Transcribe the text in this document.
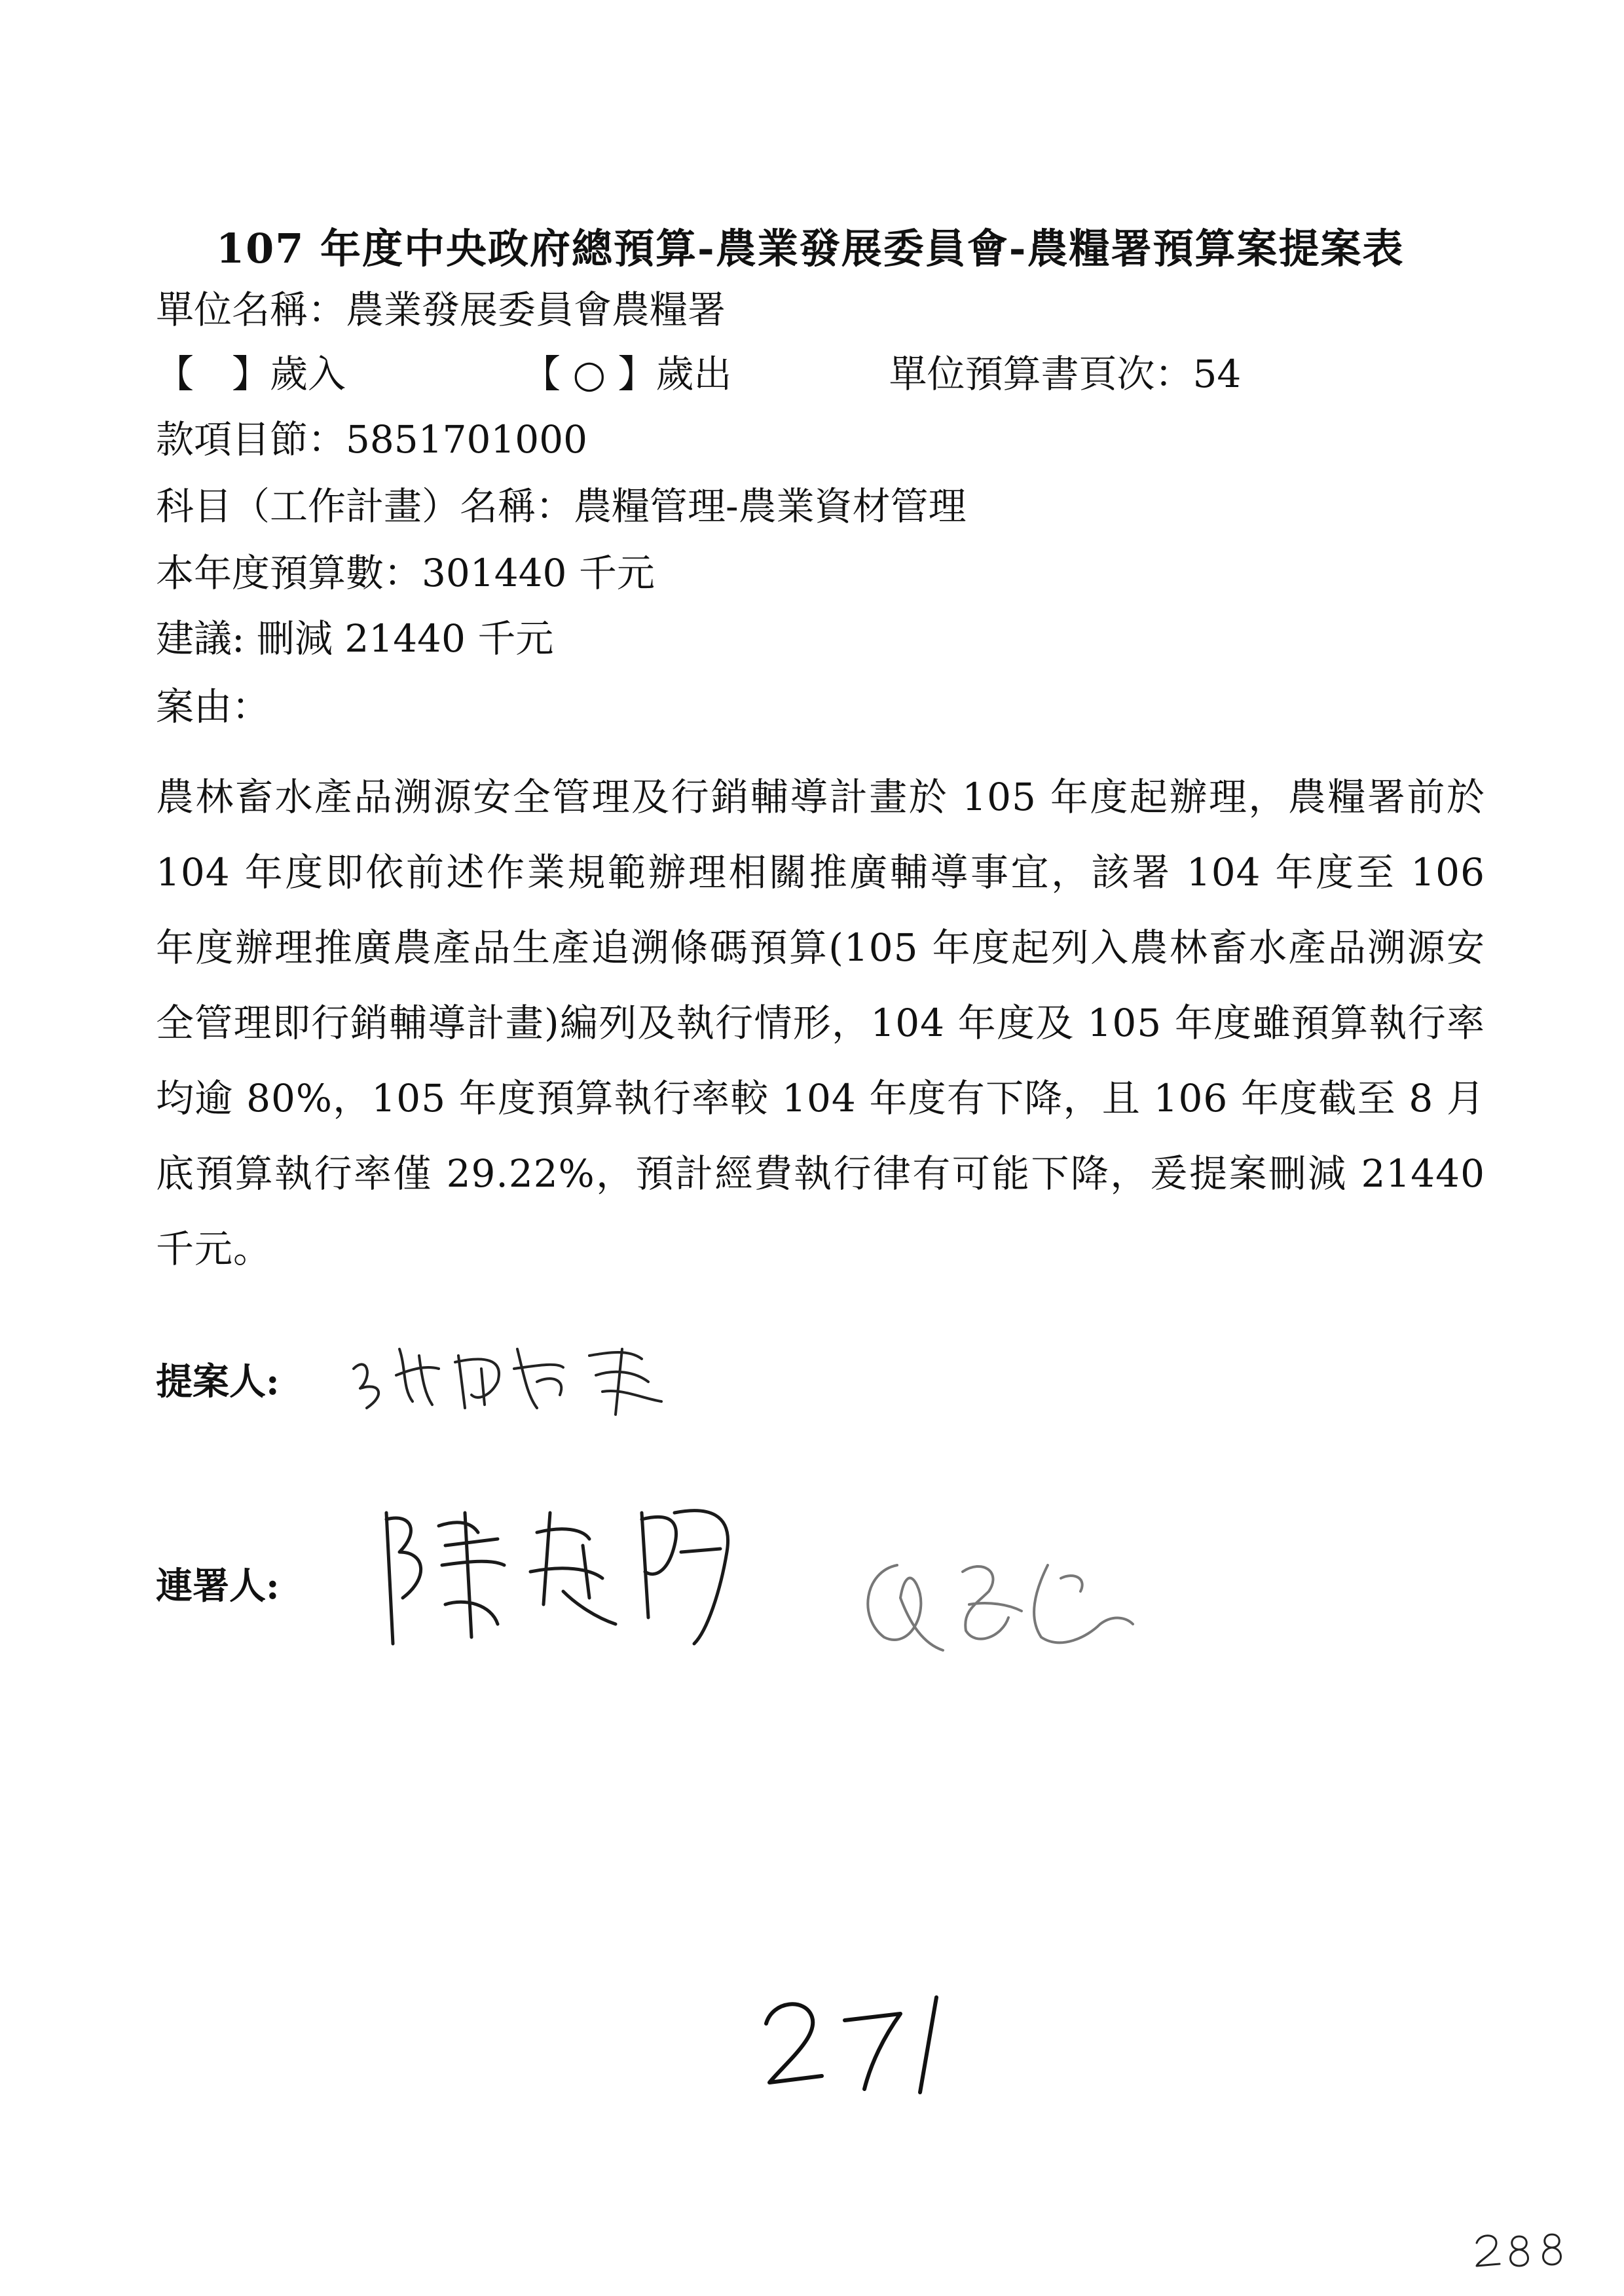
107 年度中央政府總預算-農業發展委員會-農糧署預算案提案表
單位名稱：農業發展委員會農糧署
【　】歲入	【 ○ 】歲出	單位預算書頁次：54
款項目節：5851701000
科目（工作計畫）名稱：農糧管理-農業資材管理
本年度預算數：301440 千元
建議: 刪減 21440 千元
案由：
農林畜水產品溯源安全管理及行銷輔導計畫於 105 年度起辦理，農糧署前於 104 年度即依前述作業規範辦理相關推廣輔導事宜，該署 104 年度至 106 年度辦理推廣農產品生產追溯條碼預算(105 年度起列入農林畜水產品溯源安全管理即行銷輔導計畫)編列及執行情形，104 年度及 105 年度雖預算執行率均逾 80%，105 年度預算執行率較 104 年度有下降，且 106 年度截至 8 月底預算執行率僅 29.22%，預計經費執行律有可能下降，爰提案刪減 21440 千元。
提案人:
連署人:
